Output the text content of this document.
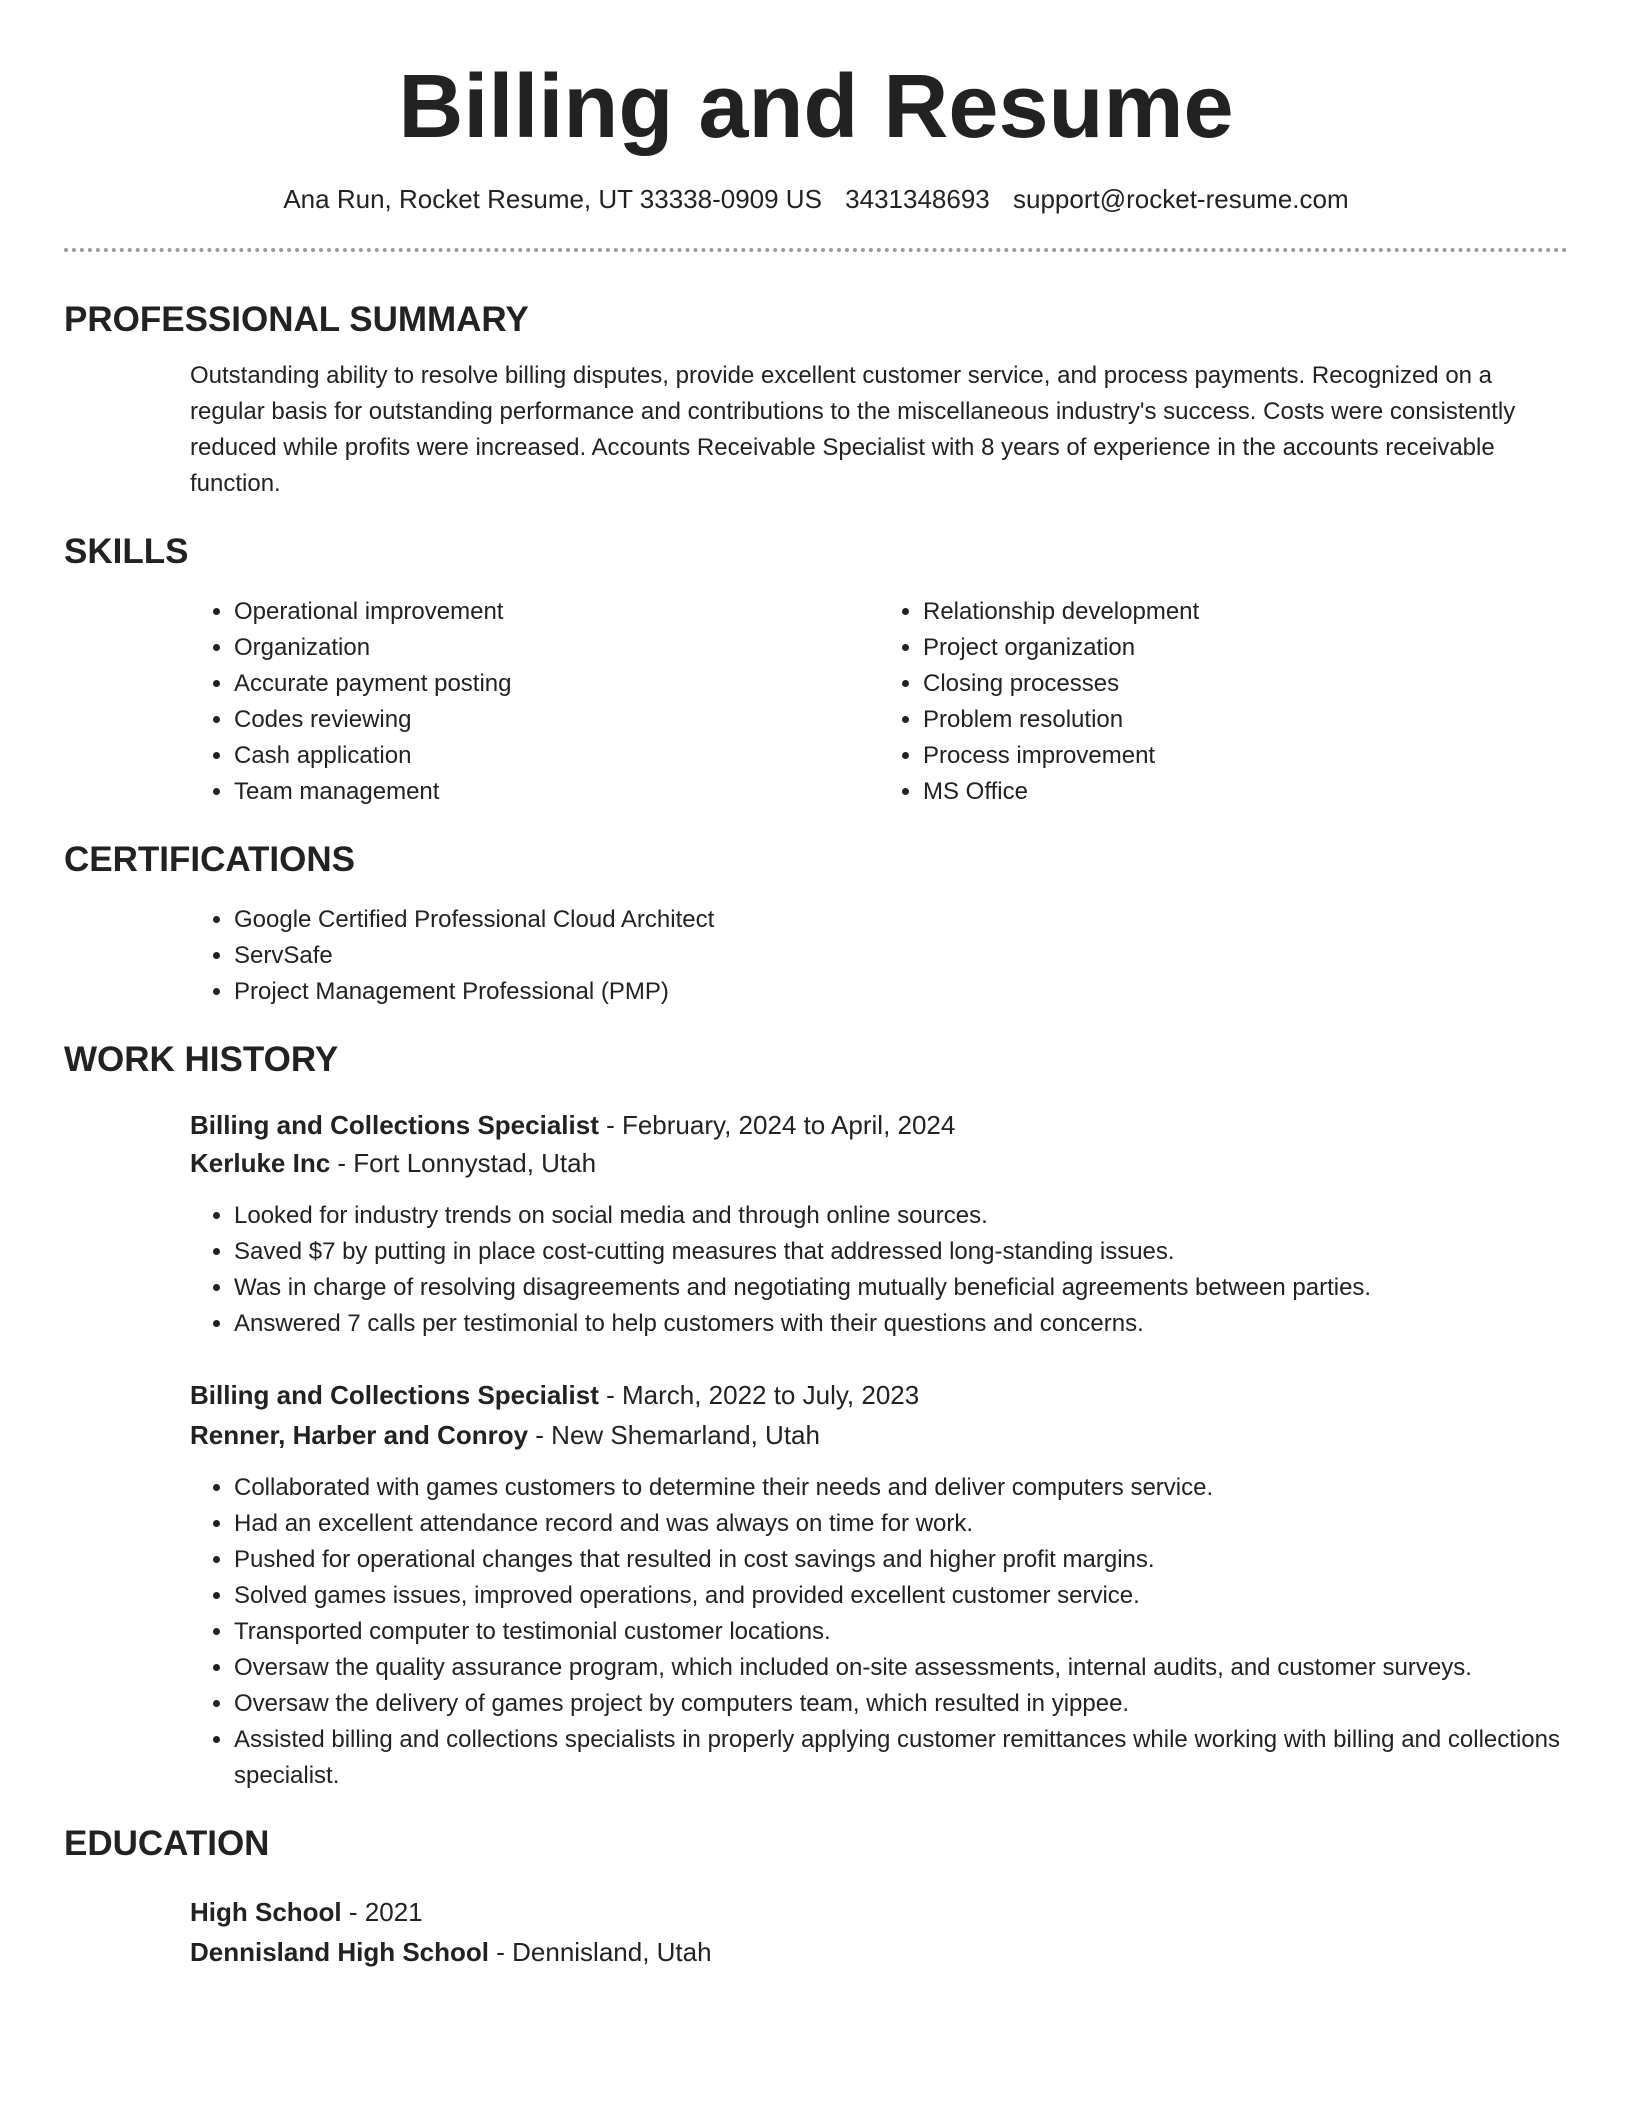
Billing and Resume
Ana Run, Rocket Resume, UT 33338-0909 US 3431348693 support@rocket-resume.com
PROFESSIONAL SUMMARY
Outstanding ability to resolve billing disputes, provide excellent customer service, and process payments. Recognized on a regular basis for outstanding performance and contributions to the miscellaneous industry's success. Costs were consistently reduced while profits were increased. Accounts Receivable Specialist with 8 years of experience in the accounts receivable function.
SKILLS
• Operational improvement
• Organization
• Accurate payment posting
• Codes reviewing
• Cash application
• Team management
• Relationship development
• Project organization
• Closing processes
• Problem resolution
• Process improvement
• MS Office
CERTIFICATIONS
• Google Certified Professional Cloud Architect
• ServSafe
• Project Management Professional (PMP)
WORK HISTORY
Billing and Collections Specialist - February, 2024 to April, 2024
Kerluke Inc - Fort Lonnystad, Utah
• Looked for industry trends on social media and through online sources.
• Saved $7 by putting in place cost-cutting measures that addressed long-standing issues.
• Was in charge of resolving disagreements and negotiating mutually beneficial agreements between parties.
• Answered 7 calls per testimonial to help customers with their questions and concerns.
Billing and Collections Specialist - March, 2022 to July, 2023
Renner, Harber and Conroy - New Shemarland, Utah
• Collaborated with games customers to determine their needs and deliver computers service.
• Had an excellent attendance record and was always on time for work.
• Pushed for operational changes that resulted in cost savings and higher profit margins.
• Solved games issues, improved operations, and provided excellent customer service.
• Transported computer to testimonial customer locations.
• Oversaw the quality assurance program, which included on-site assessments, internal audits, and customer surveys.
• Oversaw the delivery of games project by computers team, which resulted in yippee.
• Assisted billing and collections specialists in properly applying customer remittances while working with billing and collections specialist.
EDUCATION
High School - 2021
Dennisland High School - Dennisland, Utah
